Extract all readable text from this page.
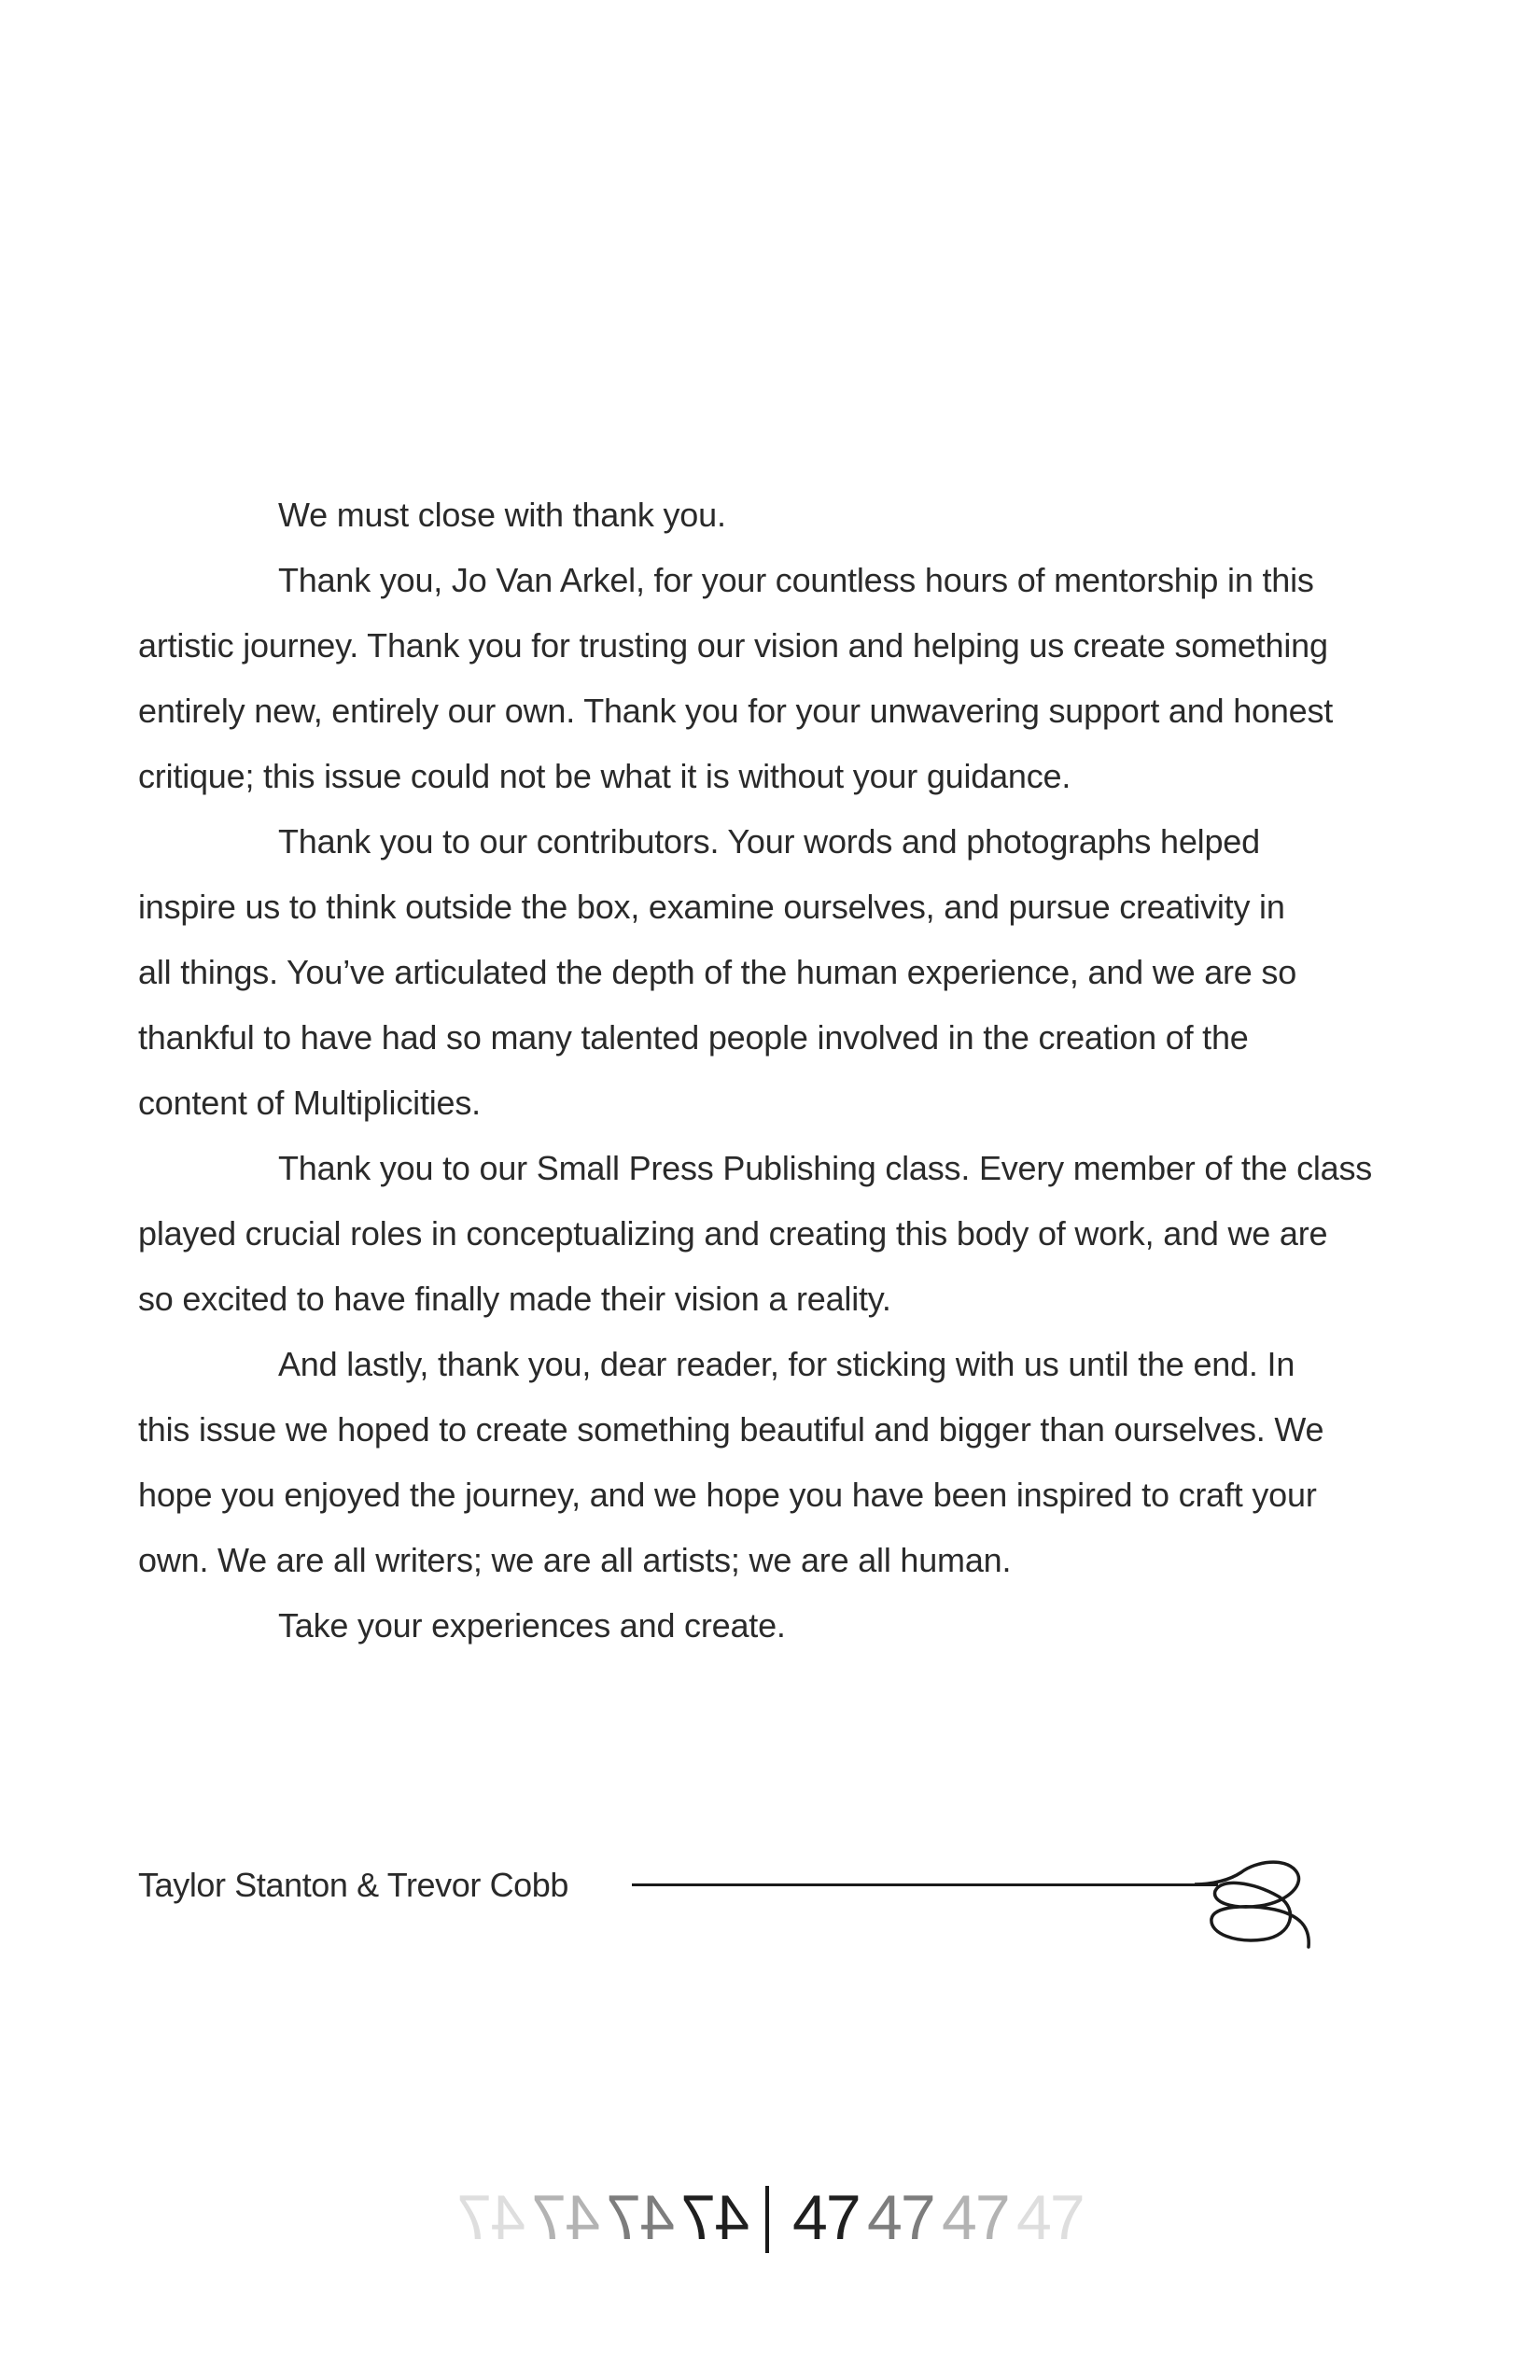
We must close with thank you.
Thank you, Jo Van Arkel, for your countless hours of mentorship in this
artistic journey. Thank you for trusting our vision and helping us create something
entirely new, entirely our own. Thank you for your unwavering support and honest
critique; this issue could not be what it is without your guidance.
Thank you to our contributors. Your words and photographs helped
inspire us to think outside the box, examine ourselves, and pursue creativity in
all things. You’ve articulated the depth of the human experience, and we are so
thankful to have had so many talented people involved in the creation of the
content of Multiplicities.
Thank you to our Small Press Publishing class. Every member of the class
played crucial roles in conceptualizing and creating this body of work, and we are
so excited to have finally made their vision a reality.
And lastly, thank you, dear reader, for sticking with us until the end. In
this issue we hoped to create something beautiful and bigger than ourselves. We
hope you enjoyed the journey, and we hope you have been inspired to craft your
own. We are all writers; we are all artists; we are all human.
Take your experiences and create.
Taylor Stanton & Trevor Cobb
47 47 47 47 47 47 47 47
